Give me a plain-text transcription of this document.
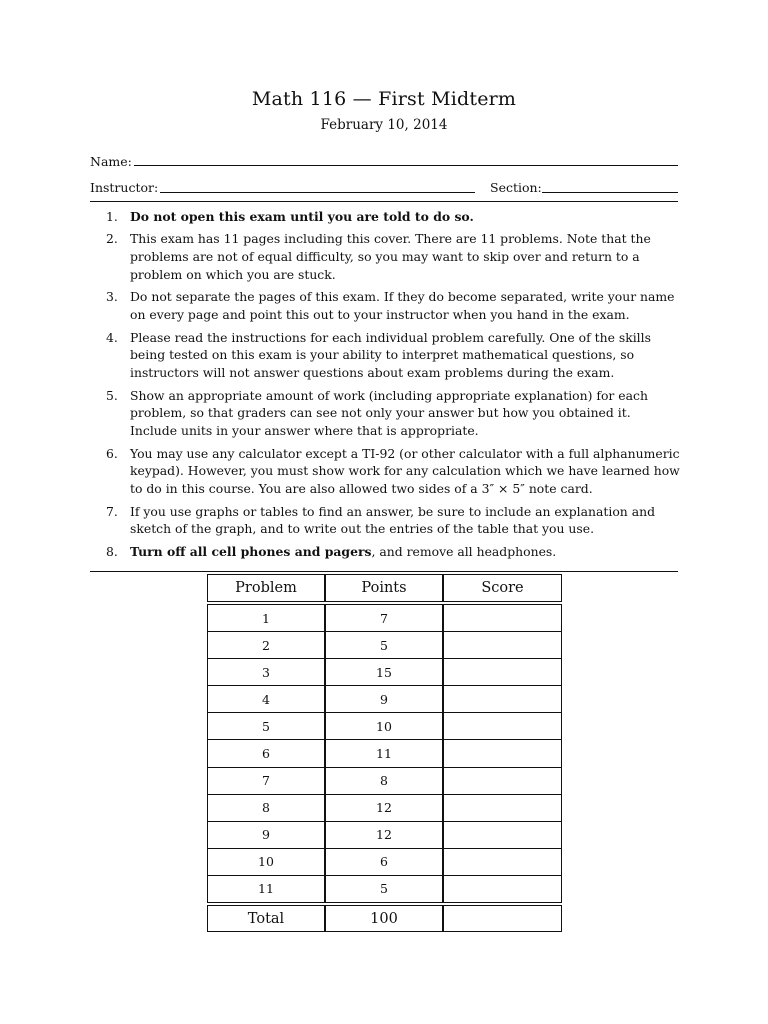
Math 116 — First Midterm
February 10, 2014
Name:
Instructor:	Section:
1. Do not open this exam until you are told to do so.
2. This exam has 11 pages including this cover. There are 11 problems. Note that the problems are not of equal difficulty, so you may want to skip over and return to a problem on which you are stuck.
3. Do not separate the pages of this exam. If they do become separated, write your name on every page and point this out to your instructor when you hand in the exam.
4. Please read the instructions for each individual problem carefully. One of the skills being tested on this exam is your ability to interpret mathematical questions, so instructors will not answer questions about exam problems during the exam.
5. Show an appropriate amount of work (including appropriate explanation) for each problem, so that graders can see not only your answer but how you obtained it. Include units in your answer where that is appropriate.
6. You may use any calculator except a TI-92 (or other calculator with a full alphanumeric keypad). However, you must show work for any calculation which we have learned how to do in this course. You are also allowed two sides of a 3″ × 5″ note card.
7. If you use graphs or tables to find an answer, be sure to include an explanation and sketch of the graph, and to write out the entries of the table that you use.
8. Turn off all cell phones and pagers, and remove all headphones.
Problem	Points	Score

1	7	
2	5	
3	15	
4	9	
5	10	
6	11	
7	8	
8	12	
9	12	
10	6	
11	5	

Total	100	
